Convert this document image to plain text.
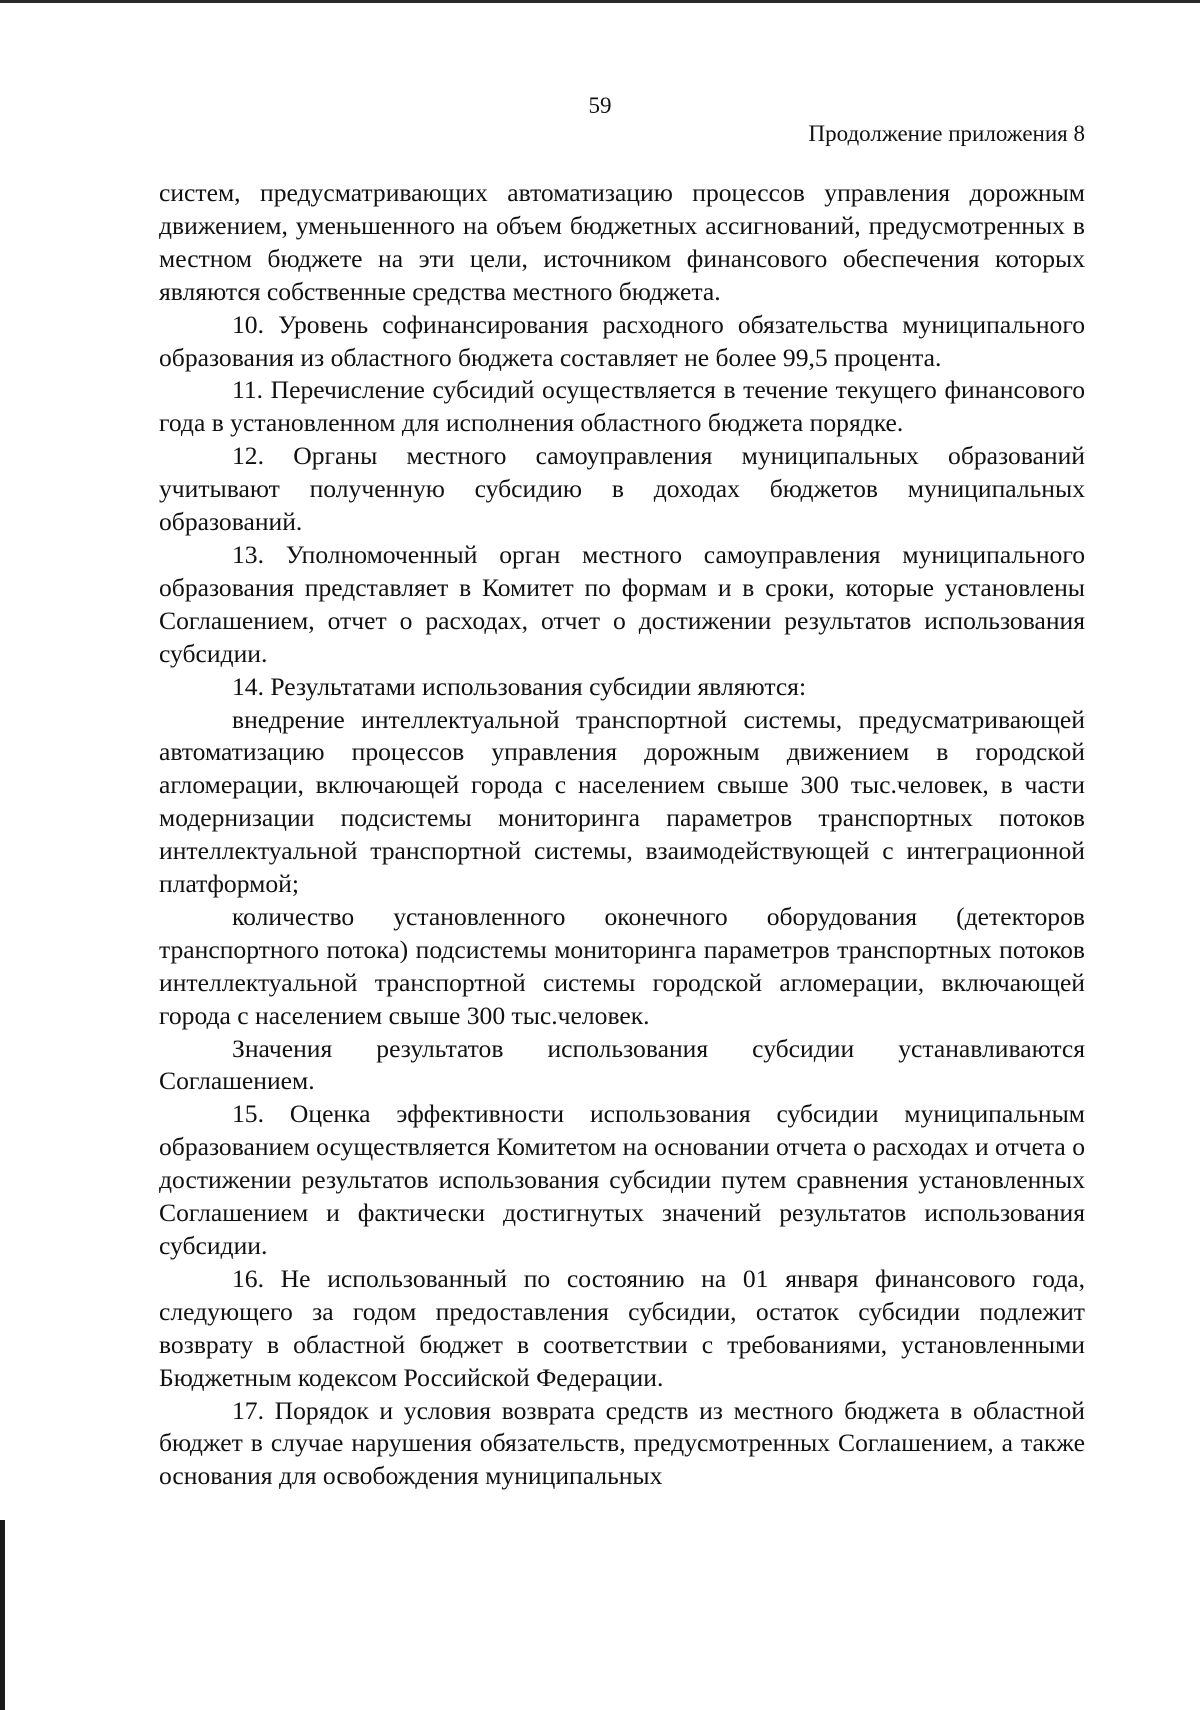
59
Продолжение приложения 8

систем, предусматривающих автоматизацию процессов управления дорожным движением, уменьшенного на объем бюджетных ассигнований, предусмотренных в местном бюджете на эти цели, источником финансового обеспечения которых являются собственные средства местного бюджета.

10. Уровень софинансирования расходного обязательства муниципального образования из областного бюджета составляет не более 99,5 процента.

11. Перечисление субсидий осуществляется в течение текущего финансового года в установленном для исполнения областного бюджета порядке.

12. Органы местного самоуправления муниципальных образований учитывают полученную субсидию в доходах бюджетов муниципальных образований.

13. Уполномоченный орган местного самоуправления муниципального образования представляет в Комитет по формам и в сроки, которые установлены Соглашением, отчет о расходах, отчет о достижении результатов использования субсидии.

14. Результатами использования субсидии являются:

внедрение интеллектуальной транспортной системы, предусматривающей автоматизацию процессов управления дорожным движением в городской агломерации, включающей города с населением свыше 300 тыс.человек, в части модернизации подсистемы мониторинга параметров транспортных потоков интеллектуальной транспортной системы, взаимодействующей с интеграционной платформой;

количество установленного оконечного оборудования (детекторов транспортного потока) подсистемы мониторинга параметров транспортных потоков интеллектуальной транспортной системы городской агломерации, включающей города с населением свыше 300 тыс.человек.

Значения результатов использования субсидии устанавливаются Соглашением.

15. Оценка эффективности использования субсидии муниципальным образованием осуществляется Комитетом на основании отчета о расходах и отчета о достижении результатов использования субсидии путем сравнения установленных Соглашением и фактически достигнутых значений результатов использования субсидии.

16. Не использованный по состоянию на 01 января финансового года, следующего за годом предоставления субсидии, остаток субсидии подлежит возврату в областной бюджет в соответствии с требованиями, установленными Бюджетным кодексом Российской Федерации.

17. Порядок и условия возврата средств из местного бюджета в областной бюджет в случае нарушения обязательств, предусмотренных Соглашением, а также основания для освобождения муниципальных
